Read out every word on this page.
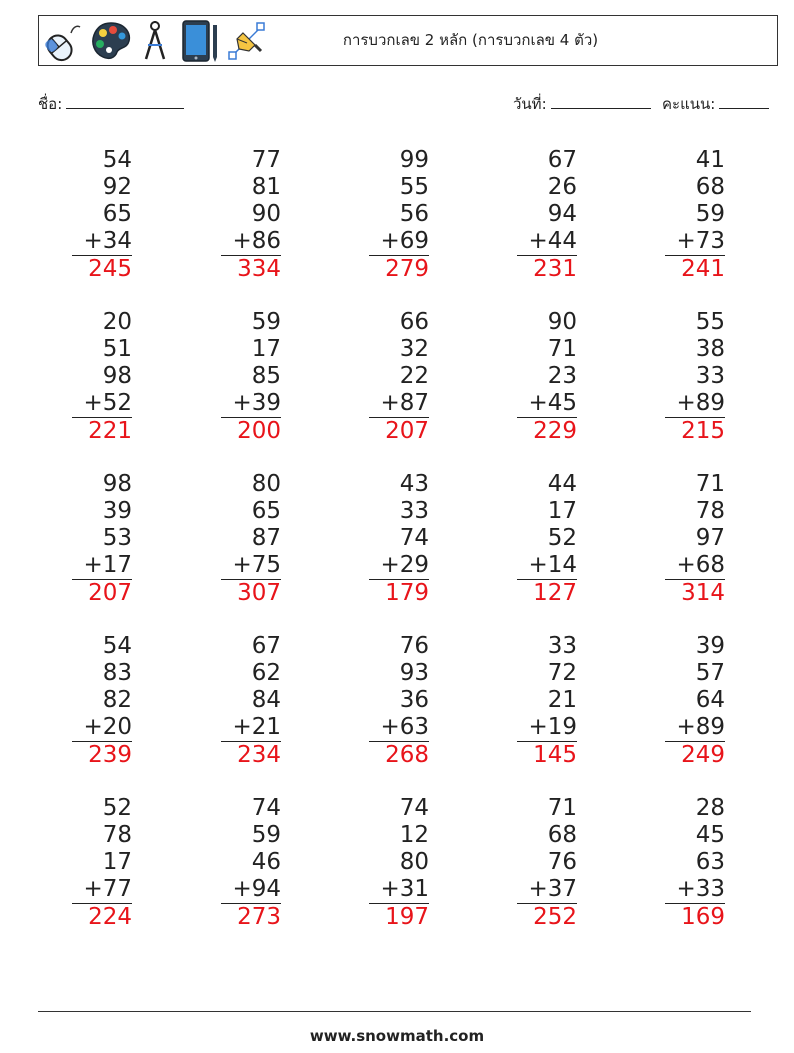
การบวกเลข 2 หลัก (การบวกเลข 4 ตัว)
ชื่อ:	วันที่:	คะแนน:
54
92
65
+34
245
77
81
90
+86
334
99
55
56
+69
279
67
26
94
+44
231
41
68
59
+73
241
20
51
98
+52
221
59
17
85
+39
200
66
32
22
+87
207
90
71
23
+45
229
55
38
33
+89
215
98
39
53
+17
207
80
65
87
+75
307
43
33
74
+29
179
44
17
52
+14
127
71
78
97
+68
314
54
83
82
+20
239
67
62
84
+21
234
76
93
36
+63
268
33
72
21
+19
145
39
57
64
+89
249
52
78
17
+77
224
74
59
46
+94
273
74
12
80
+31
197
71
68
76
+37
252
28
45
63
+33
169
www.snowmath.com
